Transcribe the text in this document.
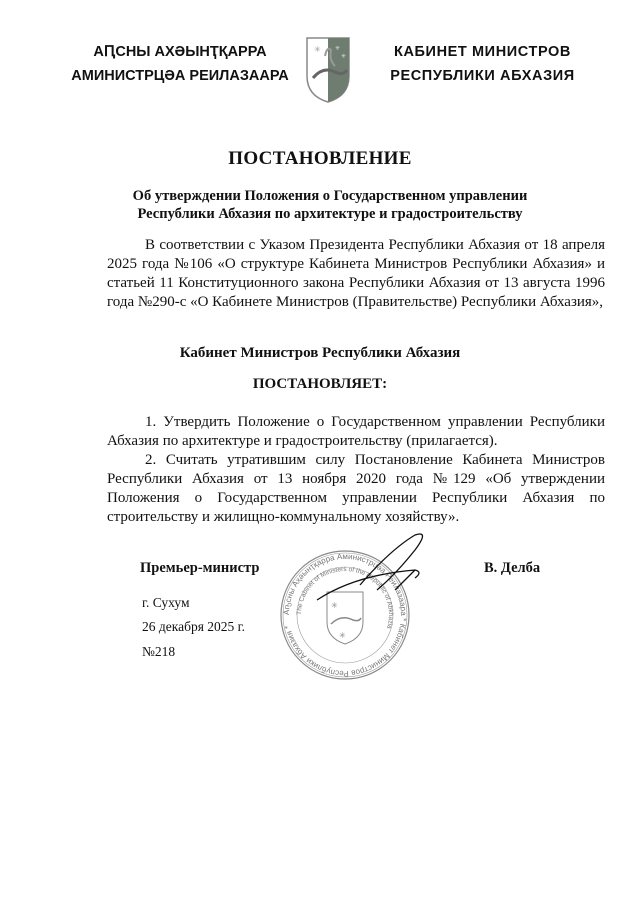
АԤСНЫ АХӘЫНҬҚАРРА
АМИНИСТРЦӘА РЕИЛАЗААРА
✳ ✳
✳	КАБИНЕТ МИНИСТРОВ
РЕСПУБЛИКИ АБХАЗИЯ
ПОСТАНОВЛЕНИЕ
Об утверждении Положения о Государственном управлении
Республики Абхазия по архитектуре и градостроительству

В соответствии с Указом Президента Республики Абхазия от 18 апреля 2025 года №106 «О структуре Кабинета Министров Республики Абхазия» и статьей 11 Конституционного закона Республики Абхазия от 13 августа 1996 года №290-с «О Кабинете Министров (Правительстве) Республики Абхазия»,

Кабинет Министров Республики Абхазия
ПОСТАНОВЛЯЕТ:

1. Утвердить Положение о Государственном управлении Республики Абхазия по архитектуре и градостроительству (прилагается).

2. Считать утратившим силу Постановление Кабинета Министров Республики Абхазия от 13 ноября 2020 года №129 «Об утверждении Положения о Государственном управлении Республики Абхазия по строительству и жилищно-коммунальному хозяйству».

Аҧсны Аҳәынҭқарра Аминистрцәа Реилазаара * Кабинет Министров Республики Абхазия *
The Cabinet of Ministers of the Republic of Abkhazia
✳
✳
Премьер-министр	В. Делба
г. Сухум
26 декабря 2025 г.
№218
